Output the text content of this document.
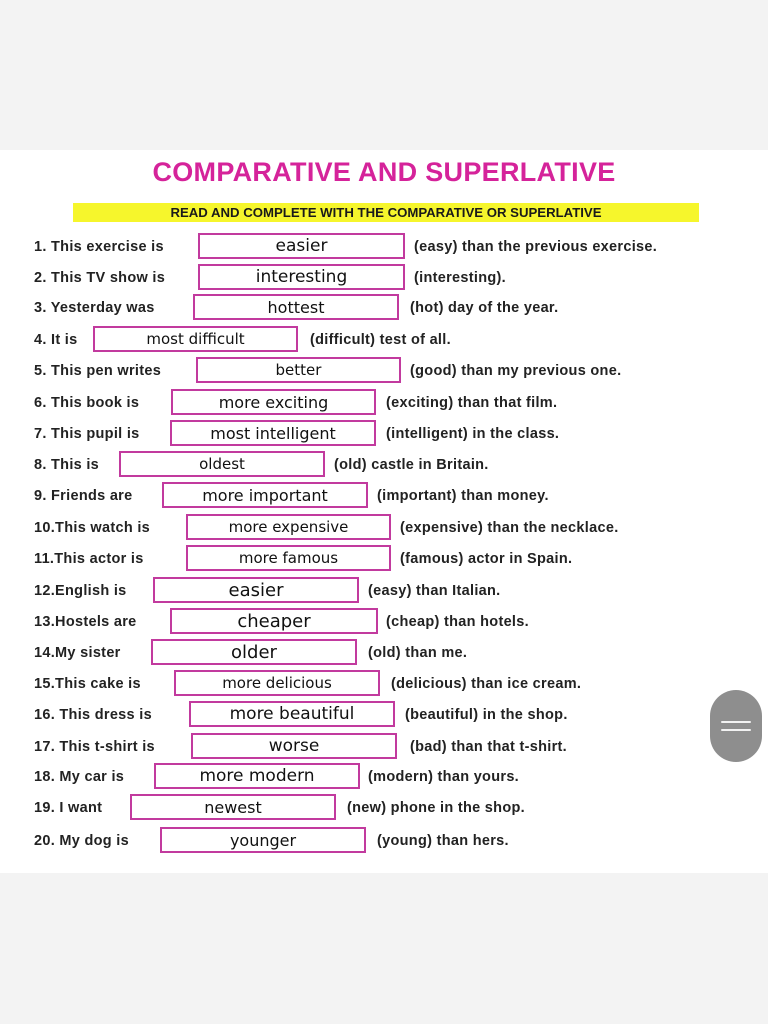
COMPARATIVE AND SUPERLATIVE
READ AND COMPLETE WITH THE COMPARATIVE OR SUPERLATIVE
1. This exercise is	easier	(easy) than the previous exercise.
2. This TV show is	interesting	(interesting).
3. Yesterday was	hottest	(hot) day of the year.
4. It is	most difficult	(difficult) test of all.
5. This pen writes	better	(good) than my previous one.
6. This book is	more exciting	(exciting) than that film.
7. This pupil is	most intelligent	(intelligent) in the class.
8. This is	oldest	(old) castle in Britain.
9. Friends are	more important	(important) than money.
10.This watch is	more expensive	(expensive) than the necklace.
11.This actor is	more famous	(famous) actor in Spain.
12.English is	easier	(easy) than Italian.
13.Hostels are	cheaper	(cheap) than hotels.
14.My sister	older	(old) than me.
15.This cake is	more delicious	(delicious) than ice cream.
16. This dress is	more beautiful	(beautiful) in the shop.
17. This t-shirt is	worse	(bad) than that t-shirt.
18. My car is	more modern	(modern) than yours.
19. I want	newest	(new) phone in the shop.
20. My dog is	younger	(young) than hers.
